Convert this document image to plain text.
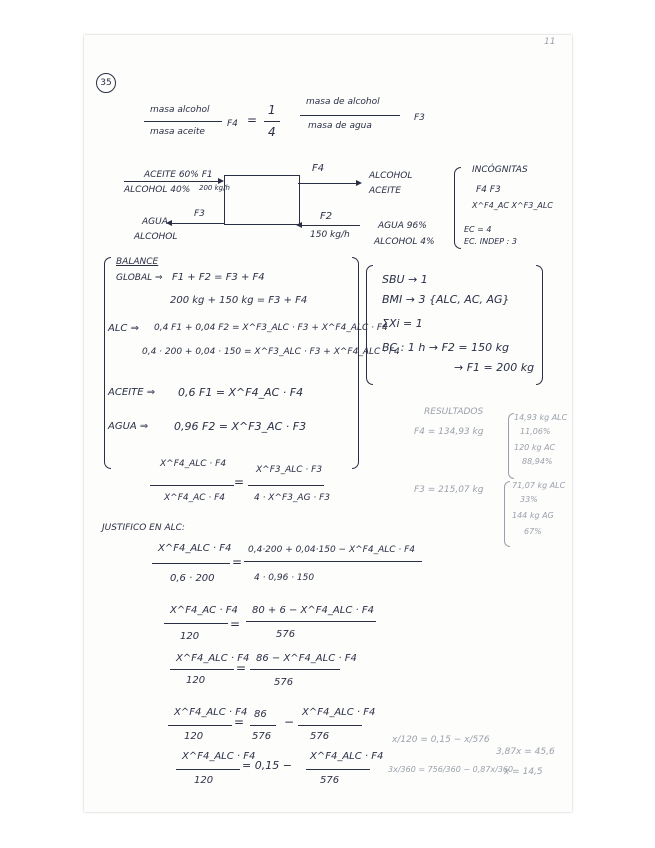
11
35
masa alcohol
masa aceite
F4 =
1
4
masa de alcohol
masa de agua
F3
ACEITE 60% F1
ALCOHOL 40% 200 kg/h
F3
AGUA
ALCOHOL
F4
ALCOHOL
ACEITE
F2
150 kg/h
AGUA 96%
ALCOHOL 4%
INCÓGNITAS
F4 F3
X^F4_AC X^F3_ALC
EC = 4
EC. INDEP : 3
BALANCE
GLOBAL ⇒ F1 + F2 = F3 + F4
200 kg + 150 kg = F3 + F4
ALC ⇒ 0,4 F1 + 0,04 F2 = X^F3_ALC · F3 + X^F4_ALC · F4
0,4 · 200 + 0,04 · 150 = X^F3_ALC · F3 + X^F4_ALC · F4
ACEITE ⇒ 0,6 F1 = X^F4_AC · F4
AGUA ⇒ 0,96 F2 = X^F3_AC · F3
SBU → 1
BMI → 3 {ALC, AC, AG}
ΣXi = 1
BC : 1 h → F2 = 150 kg
→ F1 = 200 kg
RESULTADOS
F4 = 134,93 kg
14,93 kg ALC
11,06%
120 kg AC
88,94%
F3 = 215,07 kg	71,07 kg ALC
33%
144 kg AG
67%
X^F4_ALC · F4
X^F4_AC · F4
=
X^F3_ALC · F3
4 · X^F3_AG · F3
JUSTIFICO EN ALC:
X^F4_ALC · F4
0,6 · 200
=
0,4·200 + 0,04·150 − X^F4_ALC · F4
4 · 0,96 · 150
X^F4_AC · F4
120
=
80 + 6 − X^F4_ALC · F4
576
X^F4_ALC · F4
120
=
86 − X^F4_ALC · F4
576
X^F4_ALC · F4
120
=
86
576
−
X^F4_ALC · F4
576
X^F4_ALC · F4
120
= 0,15 −
X^F4_ALC · F4
576
x/120 = 0,15 − x/576
3x/360 = 756/360 − 0,87x/360
3,87x = 45,6
x = 14,5
